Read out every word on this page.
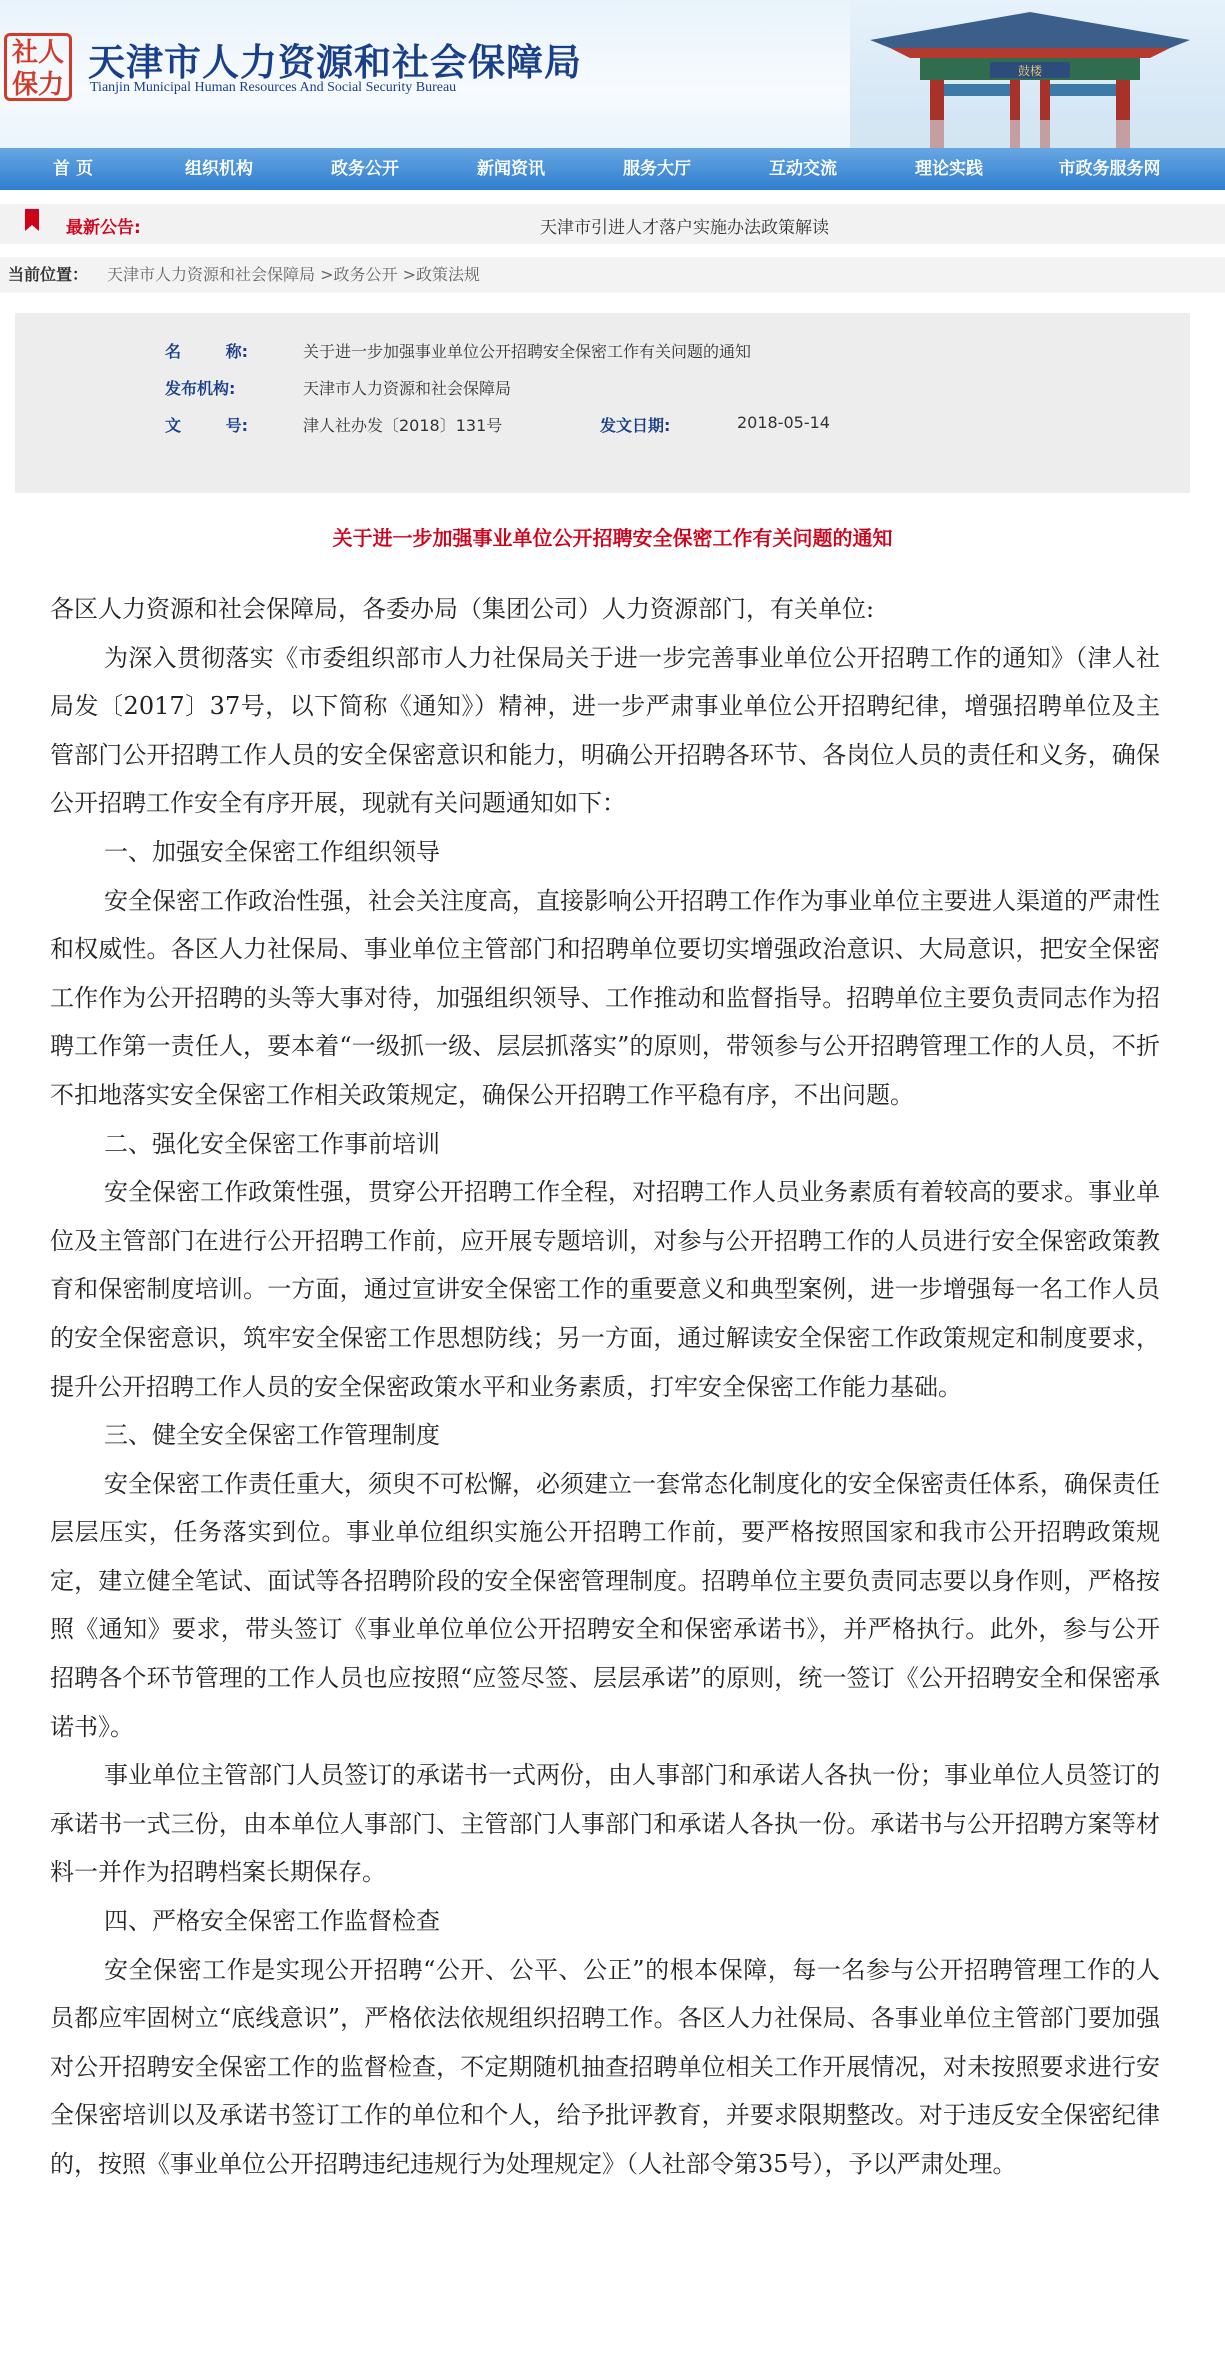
社人
保力
天津市人力资源和社会保障局
Tianjin Municipal Human Resources And Social Security Bureau
鼓楼
首 页	组织机构	政务公开	新闻资讯	服务大厅	互动交流	理论实践	市政务服务网
最新公告:	天津市引进人才落户实施办法政策解读
当前位置： 天津市人力资源和社会保障局 >政务公开 >政策法规
名        称:	关于进一步加强事业单位公开招聘安全保密工作有关问题的通知
发布机构:	天津市人力资源和社会保障局
文        号:	津人社办发〔2018〕131号	发文日期:	2018-05-14
关于进一步加强事业单位公开招聘安全保密工作有关问题的通知

各区人力资源和社会保障局，各委办局（集团公司）人力资源部门，有关单位:

为深入贯彻落实《市委组织部市人力社保局关于进一步完善事业单位公开招聘工作的通知》（津人社局发〔2017〕37号，以下简称《通知》）精神，进一步严肃事业单位公开招聘纪律，增强招聘单位及主管部门公开招聘工作人员的安全保密意识和能力，明确公开招聘各环节、各岗位人员的责任和义务，确保公开招聘工作安全有序开展，现就有关问题通知如下：

一、加强安全保密工作组织领导

安全保密工作政治性强，社会关注度高，直接影响公开招聘工作作为事业单位主要进人渠道的严肃性和权威性。各区人力社保局、事业单位主管部门和招聘单位要切实增强政治意识、大局意识，把安全保密工作作为公开招聘的头等大事对待，加强组织领导、工作推动和监督指导。招聘单位主要负责同志作为招聘工作第一责任人，要本着“一级抓一级、层层抓落实”的原则，带领参与公开招聘管理工作的人员，不折不扣地落实安全保密工作相关政策规定，确保公开招聘工作平稳有序，不出问题。

二、强化安全保密工作事前培训

安全保密工作政策性强，贯穿公开招聘工作全程，对招聘工作人员业务素质有着较高的要求。事业单位及主管部门在进行公开招聘工作前，应开展专题培训，对参与公开招聘工作的人员进行安全保密政策教育和保密制度培训。一方面，通过宣讲安全保密工作的重要意义和典型案例，进一步增强每一名工作人员的安全保密意识，筑牢安全保密工作思想防线；另一方面，通过解读安全保密工作政策规定和制度要求，提升公开招聘工作人员的安全保密政策水平和业务素质，打牢安全保密工作能力基础。

三、健全安全保密工作管理制度

安全保密工作责任重大，须臾不可松懈，必须建立一套常态化制度化的安全保密责任体系，确保责任层层压实，任务落实到位。事业单位组织实施公开招聘工作前，要严格按照国家和我市公开招聘政策规定，建立健全笔试、面试等各招聘阶段的安全保密管理制度。招聘单位主要负责同志要以身作则，严格按照《通知》要求，带头签订《事业单位单位公开招聘安全和保密承诺书》，并严格执行。此外，参与公开招聘各个环节管理的工作人员也应按照“应签尽签、层层承诺”的原则，统一签订《公开招聘安全和保密承诺书》。

事业单位主管部门人员签订的承诺书一式两份，由人事部门和承诺人各执一份；事业单位人员签订的承诺书一式三份，由本单位人事部门、主管部门人事部门和承诺人各执一份。承诺书与公开招聘方案等材料一并作为招聘档案长期保存。

四、严格安全保密工作监督检查

安全保密工作是实现公开招聘“公开、公平、公正”的根本保障，每一名参与公开招聘管理工作的人员都应牢固树立“底线意识”，严格依法依规组织招聘工作。各区人力社保局、各事业单位主管部门要加强对公开招聘安全保密工作的监督检查，不定期随机抽查招聘单位相关工作开展情况，对未按照要求进行安全保密培训以及承诺书签订工作的单位和个人，给予批评教育，并要求限期整改。对于违反安全保密纪律的，按照《事业单位公开招聘违纪违规行为处理规定》（人社部令第35号），予以严肃处理。
